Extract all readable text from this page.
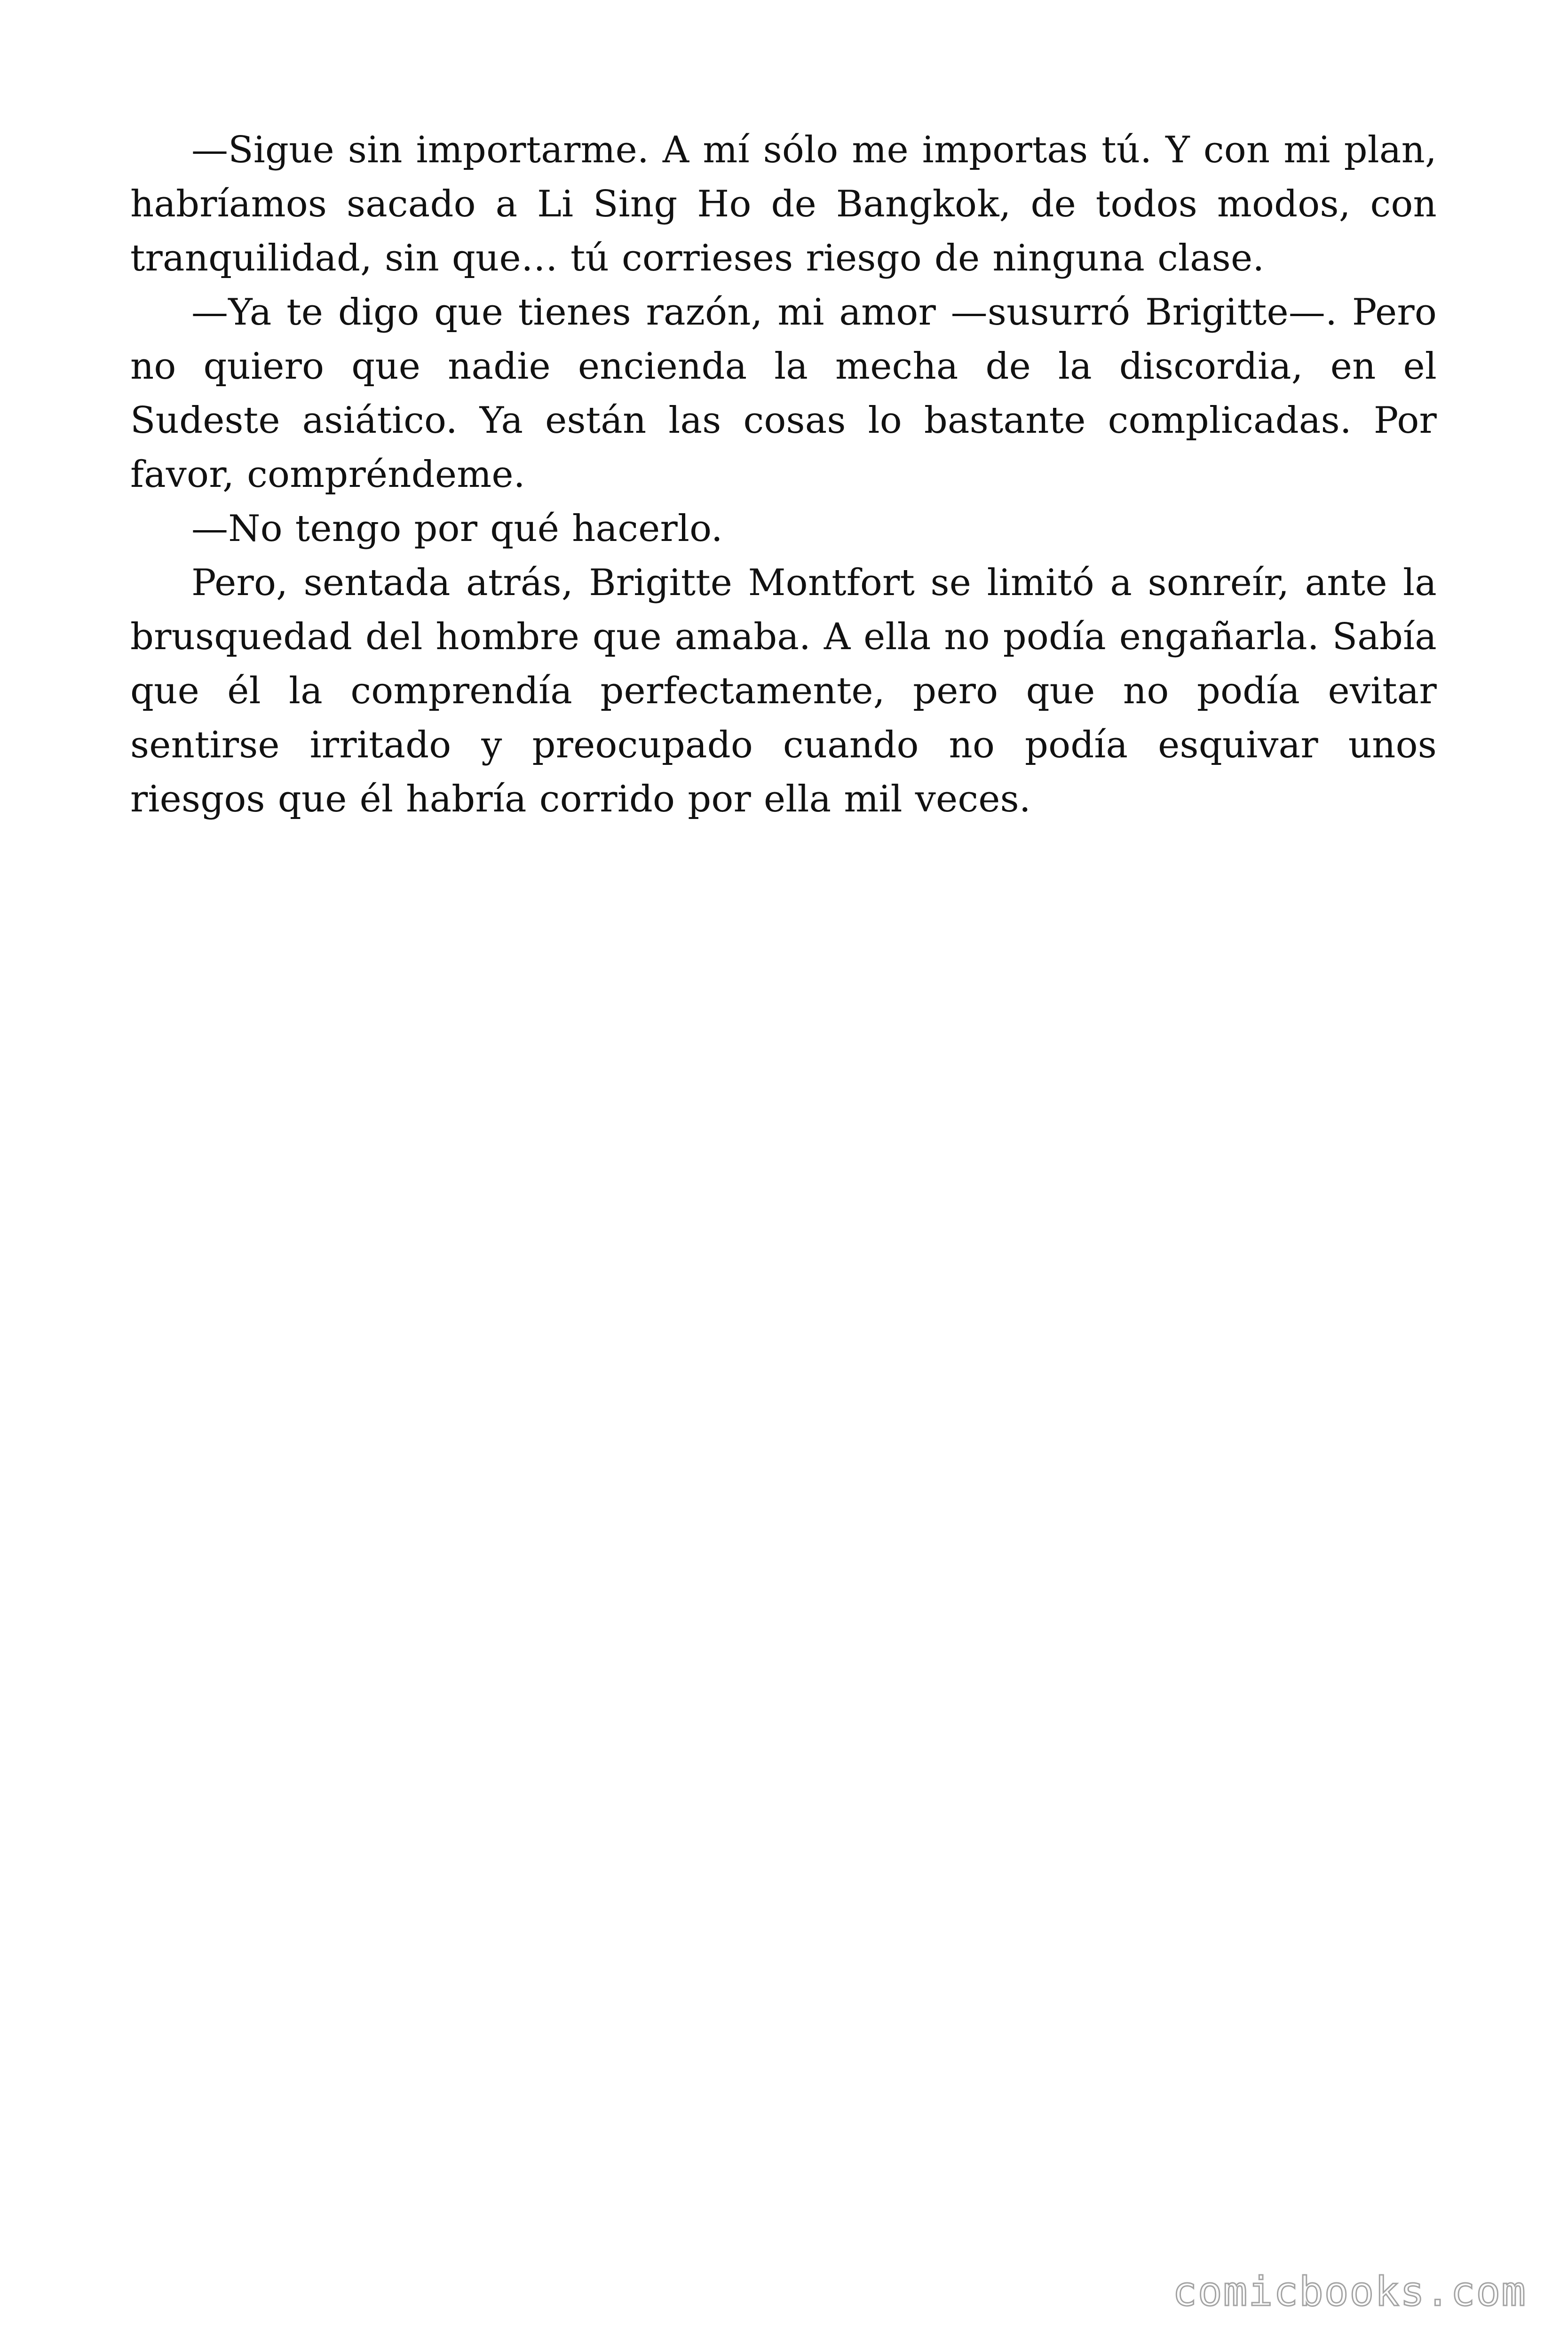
—Sigue sin importarme. A mí sólo me importas tú. Y con mi plan, habríamos sacado a Li Sing Ho de Bangkok, de todos modos, con tranquilidad, sin que… tú corrieses riesgo de ninguna clase.

—Ya te digo que tienes razón, mi amor —susurró Brigitte—. Pero no quiero que nadie encienda la mecha de la discordia, en el Sudeste asiático. Ya están las cosas lo bastante complicadas. Por favor, compréndeme.

—No tengo por qué hacerlo.

Pero, sentada atrás, Brigitte Montfort se limitó a sonreír, ante la brusquedad del hombre que amaba. A ella no podía engañarla. Sabía que él la comprendía perfectamente, pero que no podía evitar sentirse irritado y preocupado cuando no podía esquivar unos riesgos que él habría corrido por ella mil veces.

comicbooks.com
